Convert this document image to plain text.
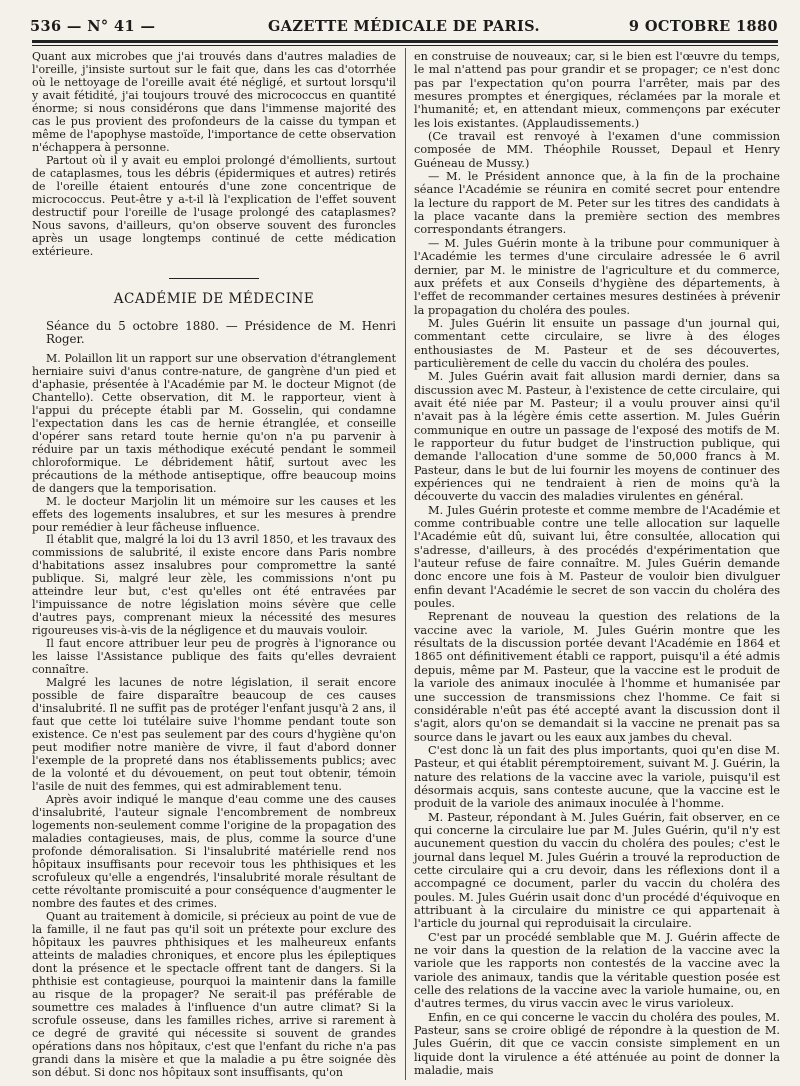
536 — N° 41 —	GAZETTE MÉDICALE DE PARIS.	9 OCTOBRE 1880

Quant aux microbes que j'ai trouvés dans d'autres maladies de l'oreille, j'insiste surtout sur le fait que, dans les cas d'otorrhée où le nettoyage de l'oreille avait été négligé, et surtout lorsqu'il y avait fétidité, j'ai toujours trouvé des micrococcus en quantité énorme; si nous considérons que dans l'immense majorité des cas le pus provient des profondeurs de la caisse du tympan et même de l'apophyse mastoïde, l'importance de cette observation n'échappera à personne.

Partout où il y avait eu emploi prolongé d'émollients, surtout de cataplasmes, tous les débris (épidermiques et autres) retirés de l'oreille étaient entourés d'une zone concentrique de micrococcus. Peut-être y a-t-il là l'explication de l'effet souvent destructif pour l'oreille de l'usage prolongé des cataplasmes? Nous savons, d'ailleurs, qu'on observe souvent des furoncles après un usage longtemps continué de cette médication extérieure.

ACADÉMIE DE MÉDECINE
Séance du 5 octobre 1880. — Présidence de M. Henri Roger.

M. Polaillon lit un rapport sur une observation d'étranglement herniaire suivi d'anus contre-nature, de gangrène d'un pied et d'aphasie, présentée à l'Académie par M. le docteur Mignot (de Chantello). Cette observation, dit M. le rapporteur, vient à l'appui du précepte établi par M. Gosselin, qui condamne l'expectation dans les cas de hernie étranglée, et conseille d'opérer sans retard toute hernie qu'on n'a pu parvenir à réduire par un taxis méthodique exécuté pendant le sommeil chloroformique. Le débridement hâtif, surtout avec les précautions de la méthode antiseptique, offre beaucoup moins de dangers que la temporisation.

M. le docteur Marjolin lit un mémoire sur les causes et les effets des logements insalubres, et sur les mesures à prendre pour remédier à leur fâcheuse influence.

Il établit que, malgré la loi du 13 avril 1850, et les travaux des commissions de salubrité, il existe encore dans Paris nombre d'habitations assez insalubres pour compromettre la santé publique. Si, malgré leur zèle, les commissions n'ont pu atteindre leur but, c'est qu'elles ont été entravées par l'impuissance de notre législation moins sévère que celle d'autres pays, comprenant mieux la nécessité des mesures rigoureuses vis-à-vis de la négligence et du mauvais vouloir.

Il faut encore attribuer leur peu de progrès à l'ignorance ou les laisse l'Assistance publique des faits qu'elles devraient connaître.

Malgré les lacunes de notre législation, il serait encore possible de faire disparaître beaucoup de ces causes d'insalubrité. Il ne suffit pas de protéger l'enfant jusqu'à 2 ans, il faut que cette loi tutélaire suive l'homme pendant toute son existence. Ce n'est pas seulement par des cours d'hygiène qu'on peut modifier notre manière de vivre, il faut d'abord donner l'exemple de la propreté dans nos établissements publics; avec de la volonté et du dévouement, on peut tout obtenir, témoin l'asile de nuit des femmes, qui est admirablement tenu.

Après avoir indiqué le manque d'eau comme une des causes d'insalubrité, l'auteur signale l'encombrement de nombreux logements non-seulement comme l'origine de la propagation des maladies contagieuses, mais, de plus, comme la source d'une profonde démoralisation. Si l'insalubrité matérielle rend nos hôpitaux insuffisants pour recevoir tous les phthisiques et les scrofuleux qu'elle a engendrés, l'insalubrité morale résultant de cette révoltante promiscuité a pour conséquence d'augmenter le nombre des fautes et des crimes.

Quant au traitement à domicile, si précieux au point de vue de la famille, il ne faut pas qu'il soit un prétexte pour exclure des hôpitaux les pauvres phthisiques et les malheureux enfants atteints de maladies chroniques, et encore plus les épileptiques dont la présence et le spectacle offrent tant de dangers. Si la phthisie est contagieuse, pourquoi la maintenir dans la famille au risque de la propager? Ne serait-il pas préférable de soumettre ces malades à l'influence d'un autre climat? Si la scrofule osseuse, dans les familles riches, arrive si rarement à ce degré de gravité qui nécessite si souvent de grandes opérations dans nos hôpitaux, c'est que l'enfant du riche n'a pas grandi dans la misère et que la maladie a pu être soignée dès son début. Si donc nos hôpitaux sont insuffisants, qu'on

en construise de nouveaux; car, si le bien est l'œuvre du temps, le mal n'attend pas pour grandir et se propager; ce n'est donc pas par l'expectation qu'on pourra l'arrêter, mais par des mesures promptes et énergiques, réclamées par la morale et l'humanité; et, en attendant mieux, commençons par exécuter les lois existantes. (Applaudissements.)

(Ce travail est renvoyé à l'examen d'une commission composée de MM. Théophile Rousset, Depaul et Henry Guéneau de Mussy.)

— M. le Président annonce que, à la fin de la prochaine séance l'Académie se réunira en comité secret pour entendre la lecture du rapport de M. Peter sur les titres des candidats à la place vacante dans la première section des membres correspondants étrangers.

— M. Jules Guérin monte à la tribune pour communiquer à l'Académie les termes d'une circulaire adressée le 6 avril dernier, par M. le ministre de l'agriculture et du commerce, aux préfets et aux Conseils d'hygiène des départements, à l'effet de recommander certaines mesures destinées à prévenir la propagation du choléra des poules.

M. Jules Guérin lit ensuite un passage d'un journal qui, commentant cette circulaire, se livre à des éloges enthousiastes de M. Pasteur et de ses découvertes, particulièrement de celle du vaccin du choléra des poules.

M. Jules Guérin avait fait allusion mardi dernier, dans sa discussion avec M. Pasteur, à l'existence de cette circulaire, qui avait été niée par M. Pasteur; il a voulu prouver ainsi qu'il n'avait pas à la légère émis cette assertion. M. Jules Guérin communique en outre un passage de l'exposé des motifs de M. le rapporteur du futur budget de l'instruction publique, qui demande l'allocation d'une somme de 50,000 francs à M. Pasteur, dans le but de lui fournir les moyens de continuer des expériences qui ne tendraient à rien de moins qu'à la découverte du vaccin des maladies virulentes en général.

M. Jules Guérin proteste et comme membre de l'Académie et comme contribuable contre une telle allocation sur laquelle l'Académie eût dû, suivant lui, être consultée, allocation qui s'adresse, d'ailleurs, à des procédés d'expérimentation que l'auteur refuse de faire connaître. M. Jules Guérin demande donc encore une fois à M. Pasteur de vouloir bien divulguer enfin devant l'Académie le secret de son vaccin du choléra des poules.

Reprenant de nouveau la question des relations de la vaccine avec la variole, M. Jules Guérin montre que les résultats de la discussion portée devant l'Académie en 1864 et 1865 ont définitivement établi ce rapport, puisqu'il a été admis depuis, même par M. Pasteur, que la vaccine est le produit de la variole des animaux inoculée à l'homme et humanisée par une succession de transmissions chez l'homme. Ce fait si considérable n'eût pas été accepté avant la discussion dont il s'agit, alors qu'on se demandait si la vaccine ne prenait pas sa source dans le javart ou les eaux aux jambes du cheval.

C'est donc là un fait des plus importants, quoi qu'en dise M. Pasteur, et qui établit péremptoirement, suivant M. J. Guérin, la nature des relations de la vaccine avec la variole, puisqu'il est désormais acquis, sans conteste aucune, que la vaccine est le produit de la variole des animaux inoculée à l'homme.

M. Pasteur, répondant à M. Jules Guérin, fait observer, en ce qui concerne la circulaire lue par M. Jules Guérin, qu'il n'y est aucunement question du vaccin du choléra des poules; c'est le journal dans lequel M. Jules Guérin a trouvé la reproduction de cette circulaire qui a cru devoir, dans les réflexions dont il a accompagné ce document, parler du vaccin du choléra des poules. M. Jules Guérin usait donc d'un procédé d'équivoque en attribuant à la circulaire du ministre ce qui appartenait à l'article du journal qui reproduisait la circulaire.

C'est par un procédé semblable que M. J. Guérin affecte de ne voir dans la question de la relation de la vaccine avec la variole que les rapports non contestés de la vaccine avec la variole des animaux, tandis que la véritable question posée est celle des relations de la vaccine avec la variole humaine, ou, en d'autres termes, du virus vaccin avec le virus varioleux.

Enfin, en ce qui concerne le vaccin du choléra des poules, M. Pasteur, sans se croire obligé de répondre à la question de M. Jules Guérin, dit que ce vaccin consiste simplement en un liquide dont la virulence a été atténuée au point de donner la maladie, mais
